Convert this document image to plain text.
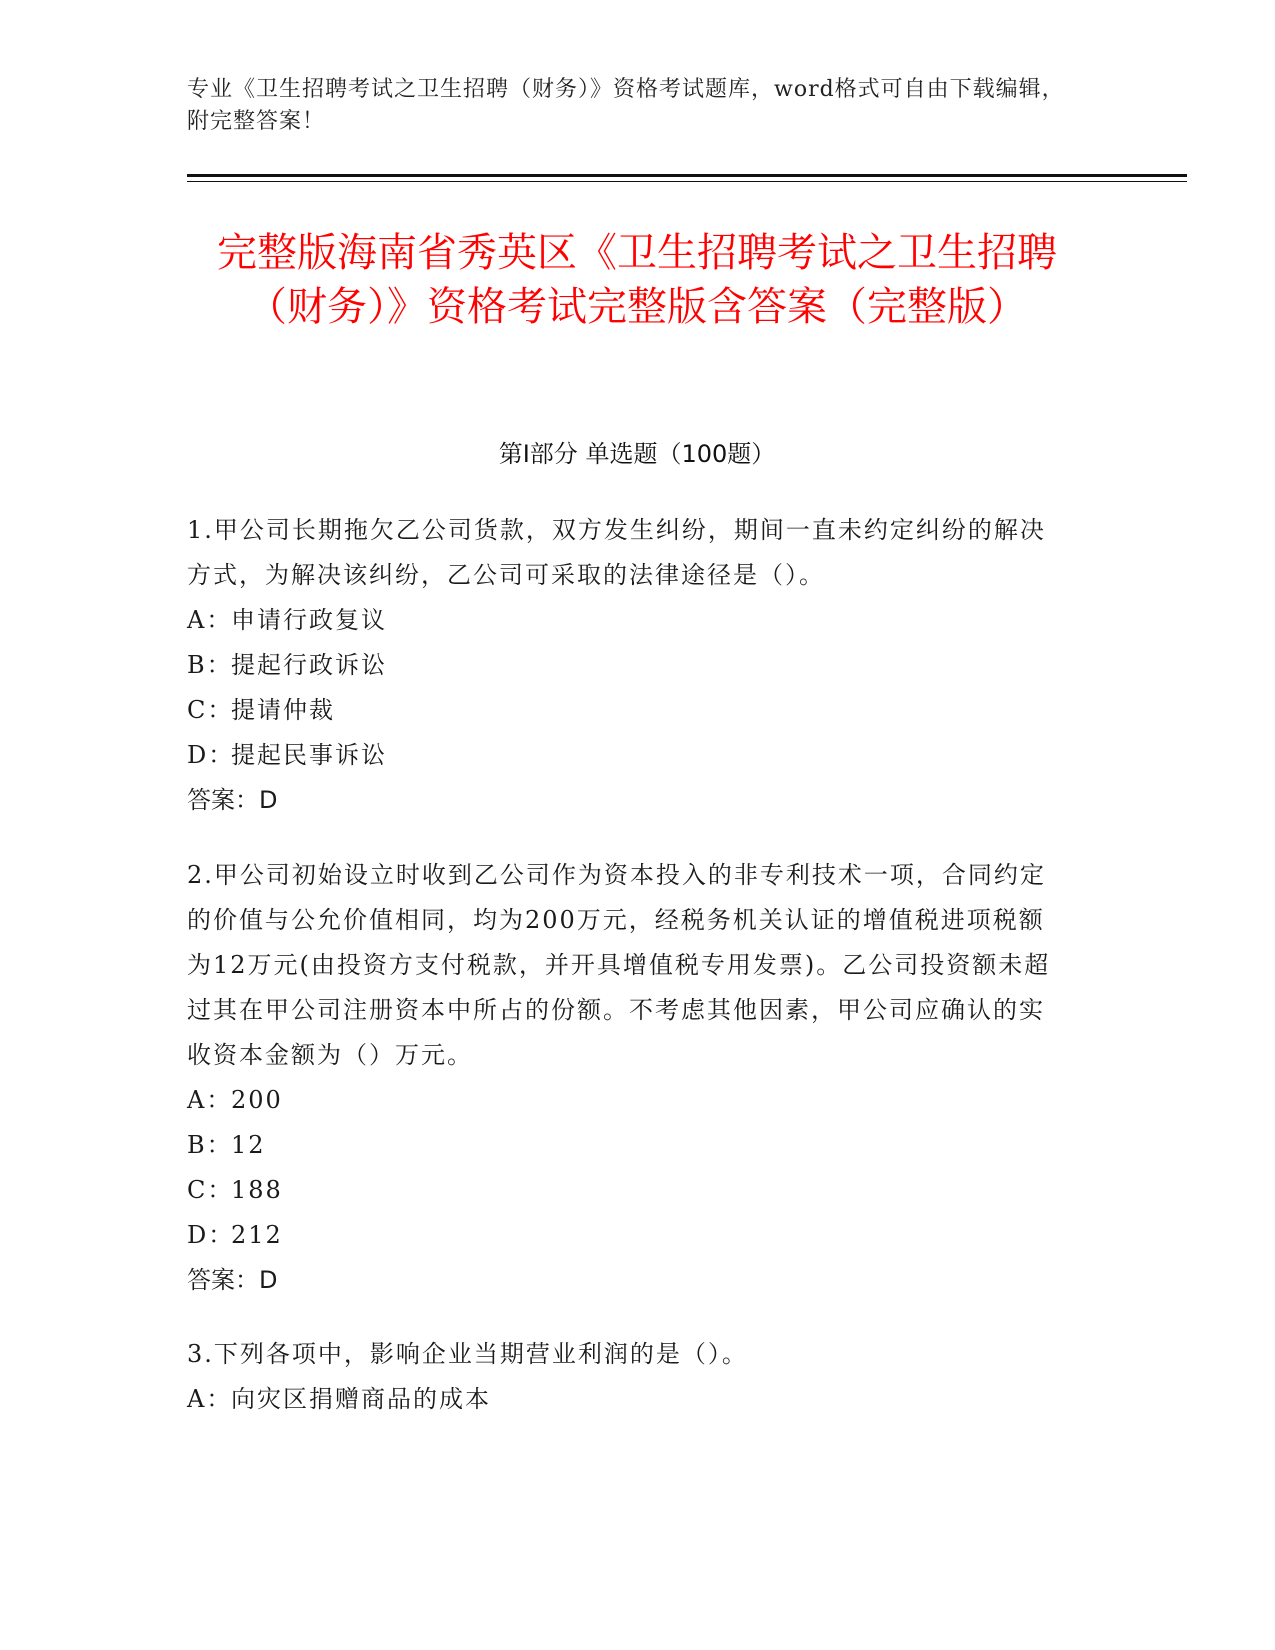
专业《卫生招聘考试之卫生招聘（财务）》资格考试题库，word格式可自由下载编辑，附完整答案！
完整版海南省秀英区《卫生招聘考试之卫生招聘（财务）》资格考试完整版含答案（完整版）
第Ⅰ部分 单选题（100题）
1.甲公司长期拖欠乙公司货款，双方发生纠纷，期间一直未约定纠纷的解决方式，为解决该纠纷，乙公司可采取的法律途径是（）。
A：申请行政复议
B：提起行政诉讼
C：提请仲裁
D：提起民事诉讼
答案：D
2.甲公司初始设立时收到乙公司作为资本投入的非专利技术一项，合同约定的价值与公允价值相同，均为200万元，经税务机关认证的增值税进项税额为12万元(由投资方支付税款，并开具增值税专用发票)。乙公司投资额未超过其在甲公司注册资本中所占的份额。不考虑其他因素，甲公司应确认的实收资本金额为（）万元。
A：200
B：12
C：188
D：212
答案：D
3.下列各项中，影响企业当期营业利润的是（）。
A：向灾区捐赠商品的成本
